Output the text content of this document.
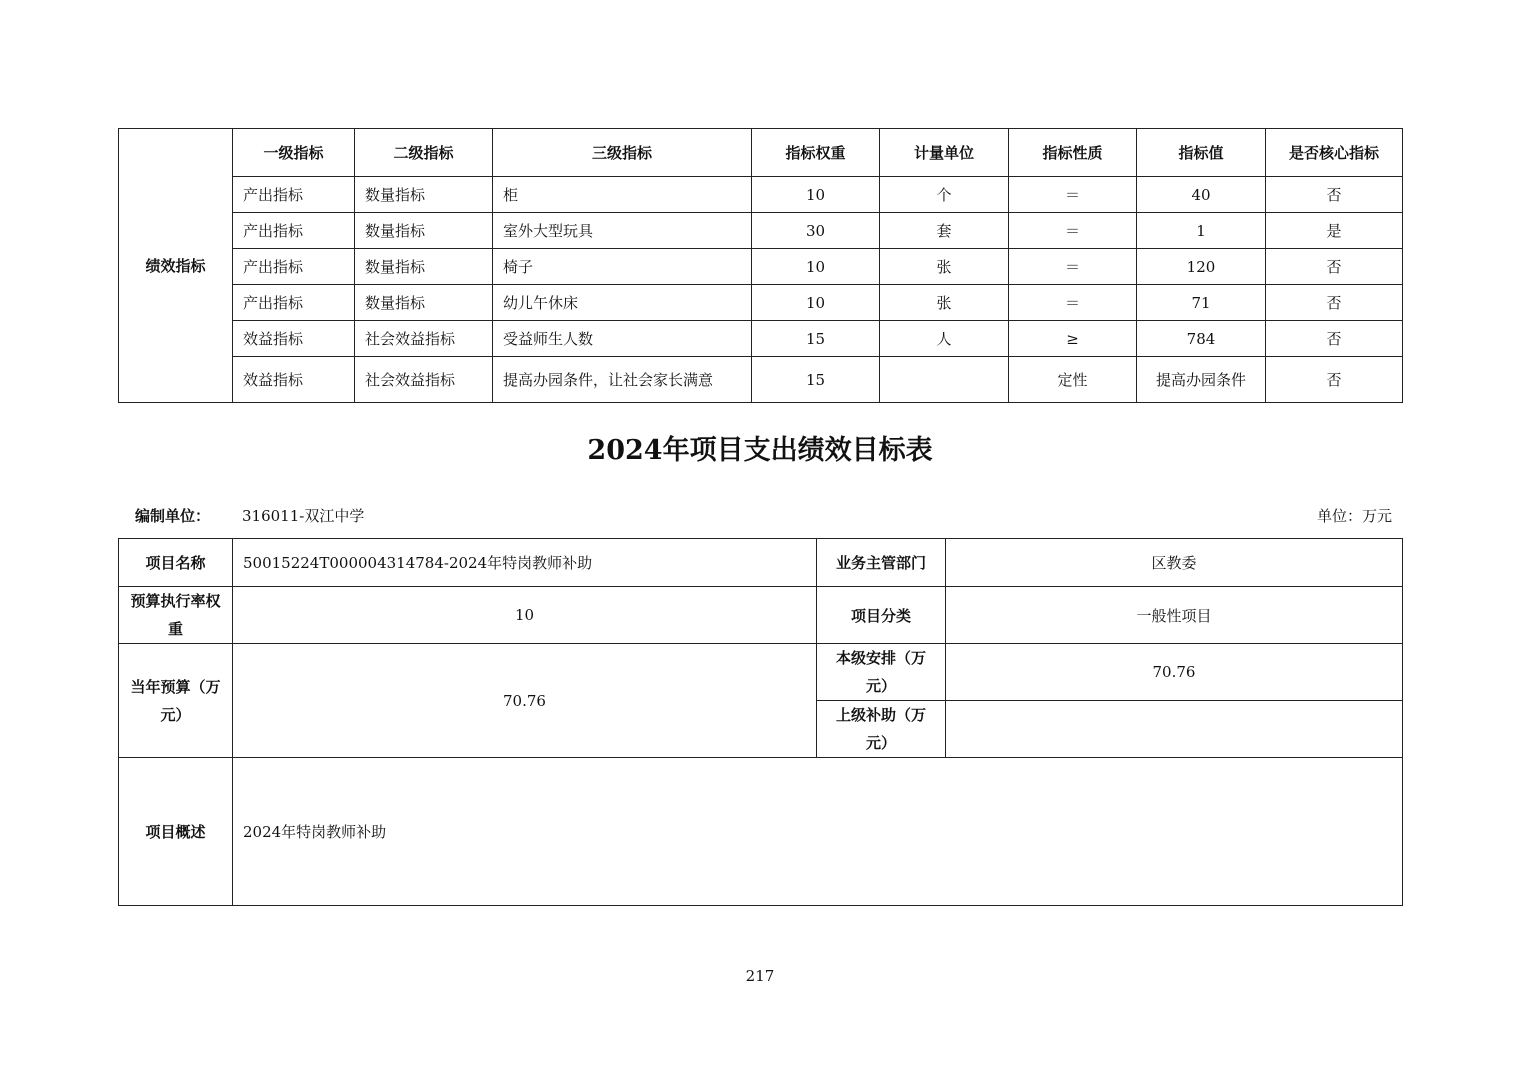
绩效指标	一级指标	二级指标	三级指标	指标权重	计量单位	指标性质	指标值	是否核心指标
	产出指标	数量指标	柜	10	个	＝	40	否
	产出指标	数量指标	室外大型玩具	30	套	＝	1	是
	产出指标	数量指标	椅子	10	张	＝	120	否
	产出指标	数量指标	幼儿午休床	10	张	＝	71	否
	效益指标	社会效益指标	受益师生人数	15	人	≥	784	否
	效益指标	社会效益指标	提高办园条件，让社会家长满意	15		定性	提高办园条件	否
2024年项目支出绩效目标表
编制单位： 316011-双江中学	单位：万元
项目名称	50015224T000004314784-2024年特岗教师补助	业务主管部门	区教委
预算执行率权重	10	项目分类	一般性项目
当年预算（万元）	70.76	本级安排（万元）	70.76
		上级补助（万元）	
项目概述	2024年特岗教师补助		
217
